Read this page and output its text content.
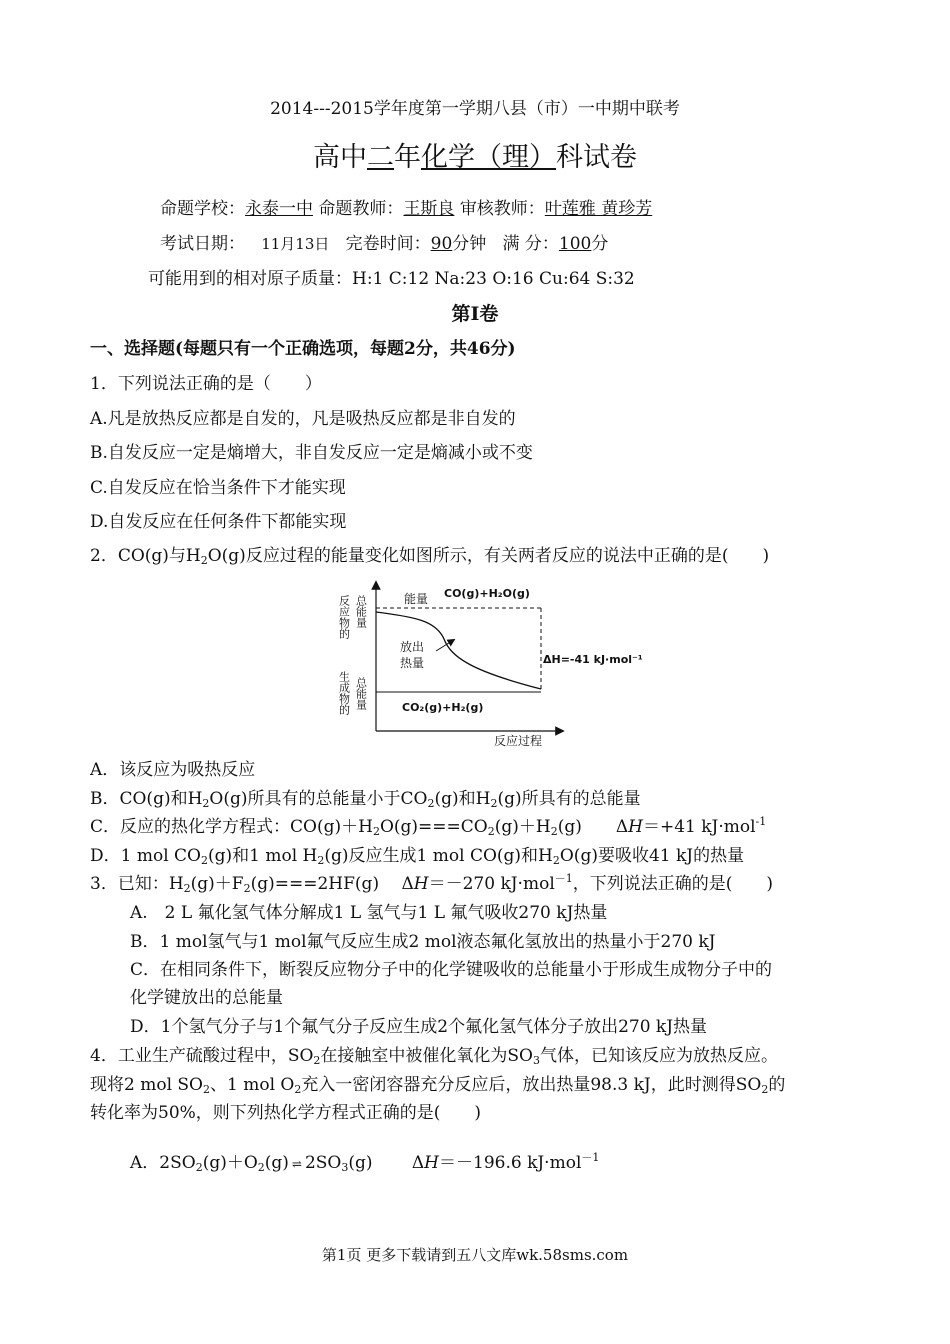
2014---2015学年度第一学期八县（市）一中期中联考
高中二年化学（理）科试卷
命题学校：永泰一中 命题教师：王斯良 审核教师：叶莲雅 黄珍芳
考试日期： 11月13日 完卷时间：90分钟 满 分：100分
可能用到的相对原子质量：H:1 C:12 Na:23 O:16 Cu:64 S:32
第I卷
一、选择题(每题只有一个正确选项，每题2分，共46分)
1．下列说法正确的是（　　）
A.凡是放热反应都是自发的，凡是吸热反应都是非自发的
B.自发反应一定是熵增大，非自发反应一定是熵减小或不变
C.自发反应在恰当条件下才能实现
D.自发反应在任何条件下都能实现
2．CO(g)与$H_2O(g)$反应过程的能量变化如图所示，有关两者反应的说法中正确的是(　　)
反应物的 总能量
生成物的 总能量
能量 CO(g)+H₂O(g)
放出
热量	ΔH=-41 kJ·mol⁻¹
CO₂(g)+H₂(g)
反应过程
A．该反应为吸热反应
B．CO(g)和$H_2O(g)$所具有的总能量小于$CO_2(g)$和$H_2(g)$所具有的总能量
C．反应的热化学方程式：$CO(g)+H_2O(g)===CO_2(g)+H_2(g)$　　ΔH＝+41 kJ·mol$^{-1}$
D．1 mol $CO_2(g)$和1 mol $H_2(g)$反应生成1 mol CO(g)和$H_2O(g)$要吸收41 kJ的热量
3．已知：$H_2(g)+F_2(g)===2HF(g)$　 ΔH＝－270 kJ·mol$^{-1}$，下列说法正确的是(　　)
A.　2 L 氟化氢气体分解成1 L 氢气与1 L 氟气吸收270 kJ热量
B．1 mol氢气与1 mol氟气反应生成2 mol液态氟化氢放出的热量小于270 kJ
C．在相同条件下，断裂反应物分子中的化学键吸收的总能量小于形成生成物分子中的
化学键放出的总能量
D．1个氢气分子与1个氟气分子反应生成2个氟化氢气体分子放出270 kJ热量
4．工业生产硫酸过程中，$SO_2$在接触室中被催化氧化为$SO_3$气体，已知该反应为放热反应。
现将2 mol $SO_2$、1 mol $O_2$充入一密闭容器充分反应后，放出热量98.3 kJ，此时测得$SO_2$的
转化率为50%，则下列热化学方程式正确的是(　　)
A．$2SO_2(g)+O_2(g)$ ⇌ $2SO_3(g)$　　 ΔH＝－196.6 kJ·mol$^{-1}$
第1页 更多下载请到五八文库wk.58sms.com
